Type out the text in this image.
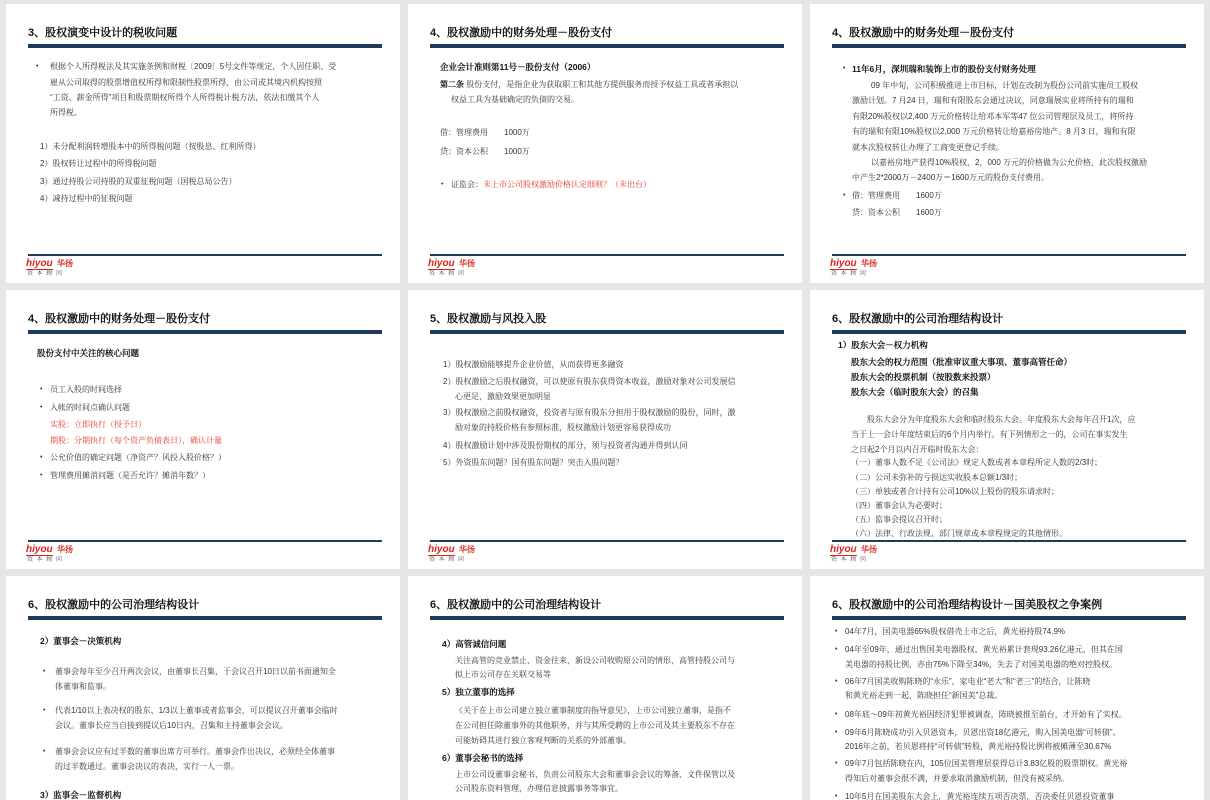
3、股权演变中设计的税收问题
• 根据个人所得税法及其实施条例和财税〔2009〕5号文件等规定，个人因任职、受
雇从公司取得的股票增值权所得和限制性股票所得，由公司或其境内机构按照
“工资、薪金所得”项目和股票期权所得个人所得税计税方法，依法扣缴其个人
所得税。
1）未分配利润转增股本中的所得税问题（按股息、红利所得）
2）股权转让过程中的所得税问题
3）通过持股公司持股的双重征税问题（国税总局公告）
4）减持过程中的征税问题
hiyou 华扬
资 本 顾 问
4、股权激励中的财务处理－股份支付
企业会计准则第11号－股份支付（2006）
第二条 股份支付，是指企业为获取职工和其他方提供服务而授予权益工具或者承担以
权益工具为基础确定的负债的交易。
借：管理费用　　1000万
贷：资本公积　　1000万
• 证监会：未上市公司股权激励价格认定细则？（未出台）
hiyou 华扬
资 本 顾 问
4、股权激励中的财务处理－股份支付
• 11年6月，深圳瑞和装饰上市的股份支付财务处理
09 年中旬，公司积极推进上市目标，计划在改制为股份公司前实施员工股权
激励计划。7 月24 日，瑞和有限股东会通过决议，同意瑞展实业将所持有的瑞和
有限20%股权以2,400 万元价格转让给邓本军等47 位公司管理层及员工，将所持
有的瑞和有限10%股权以2,000 万元价格转让给嘉裕房地产。8 月3 日，瑞和有限
就本次股权转让办理了工商变更登记手续。
以嘉裕房地产获得10%股权，2，000 万元的价格做为公允价格，此次股权激励
中产生2*2000万－2400万＝1600万元的股份支付费用。
• 借：管理费用　　1600万
贷：资本公积　　1600万
hiyou 华扬
资 本 顾 问
4、股权激励中的财务处理－股份支付
股份支付中关注的核心问题
• 员工入股的时间选择
• 入帐的时间点确认问题
实股：立即执行（授予日）
期股：分期执行（每个资产负债表日），确认计量
• 公允价值的确定问题（净资产？风投入股价格？）
• 管理费用摊消问题（是否允许？摊消年数？）
hiyou 华扬
资 本 顾 问
5、股权激励与风投入股
1）股权激励能够提升企业价值，从而获得更多融资
2）股权激励之后股权融资，可以使原有股东获得资本收益，激励对象对公司发展信
心更足，激励效果更加明显
3）股权激励之前股权融资，投资者与原有股东分担用于股权激励的股份，同时，激
励对象的持股价格有参照标准，股权激励计划更容易获得成功
4）股权激励计划中涉及股份期权的部分，须与投资者沟通并得到认同
5）外资股东问题？国有股东问题？突击入股问题？
hiyou 华扬
资 本 顾 问
6、股权激励中的公司治理结构设计
1）股东大会－权力机构
股东大会的权力范围（批准审议重大事项、董事高管任命）
股东大会的投票机制（按股数来投票）
股东大会（临时股东大会）的召集
股东大会分为年度股东大会和临时股东大会。年度股东大会每年召开1次，应
当于上一会计年度结束后的6个月内举行。有下列情形之一的，公司在事实发生
之日起2个月以内召开临时股东大会：
（一）董事人数不足《公司法》规定人数或者本章程所定人数的2/3时；
（二）公司未弥补的亏损达实收股本总额1/3时；
（三）单独或者合计持有公司10%以上股份的股东请求时；
（四）董事会认为必要时；
（五）监事会提议召开时；
（六）法律、行政法规、部门规章或本章程规定的其他情形。
hiyou 华扬
资 本 顾 问
6、股权激励中的公司治理结构设计
2）董事会－决策机构
• 董事会每年至少召开两次会议，由董事长召集，于会议召开10日以前书面通知全
体董事和监事。
• 代表1/10以上表决权的股东、1/3以上董事或者监事会，可以提议召开董事会临时
会议。董事长应当自接到提议后10日内，召集和主持董事会会议。
• 董事会会议应有过半数的董事出席方可举行。董事会作出决议，必须经全体董事
的过半数通过。董事会决议的表决，实行一人一票。
3）监事会－监督机构
6、股权激励中的公司治理结构设计
4）高管诚信问题
关注高管的竞业禁止、资金往来，新设公司收购原公司的情形，高管持股公司与
拟上市公司存在关联交易等
5）独立董事的选择
《关于在上市公司建立独立董事制度的指导意见》，上市公司独立董事，是指不
在公司担任除董事外的其他职务，并与其所受聘的上市公司及其主要股东不存在
可能妨碍其进行独立客观判断的关系的外部董事。
6）董事会秘书的选择
上市公司设董事会秘书，负责公司股东大会和董事会会议的筹备、文件保管以及
公司股东资料管理，办理信息披露事务等事宜。
6、股权激励中的公司治理结构设计－国美股权之争案例
• 04年7月，国美电器65%股权借壳上市之后，黄光裕持股74.9%
• 04年至09年，通过出售国美电器股权，黄光裕累计套现93.26亿港元，但其在国
美电器的持股比例，亦由75%下降至34%，失去了对国美电器的绝对控股权。
• 06年7月国美收购陈晓的“永乐”，家电业“老大”和“老三”的结合，让陈晓
和黄光裕走到一起，陈晓担任“新国美”总裁。
• 08年底～09年初黄光裕因经济犯罪被调查，陈晓被推至前台，才开始有了实权。
• 09年6月陈晓成功引入贝恩资本，贝恩出资18亿港元，购入国美电器“可转债”。
2016年之前，若贝恩将持“可转债”转股，黄光裕持股比例将被摊薄至30.67%
• 09年7月包括陈晓在内，105位国美管理层获得总计3.83亿股的股票期权。黄光裕
得知后对董事会很不满，并要求取消激励机制，但没有被采纳。
• 10年5月在国美股东大会上，黄光裕连续五项否决票，否决委任贝恩投资董事
